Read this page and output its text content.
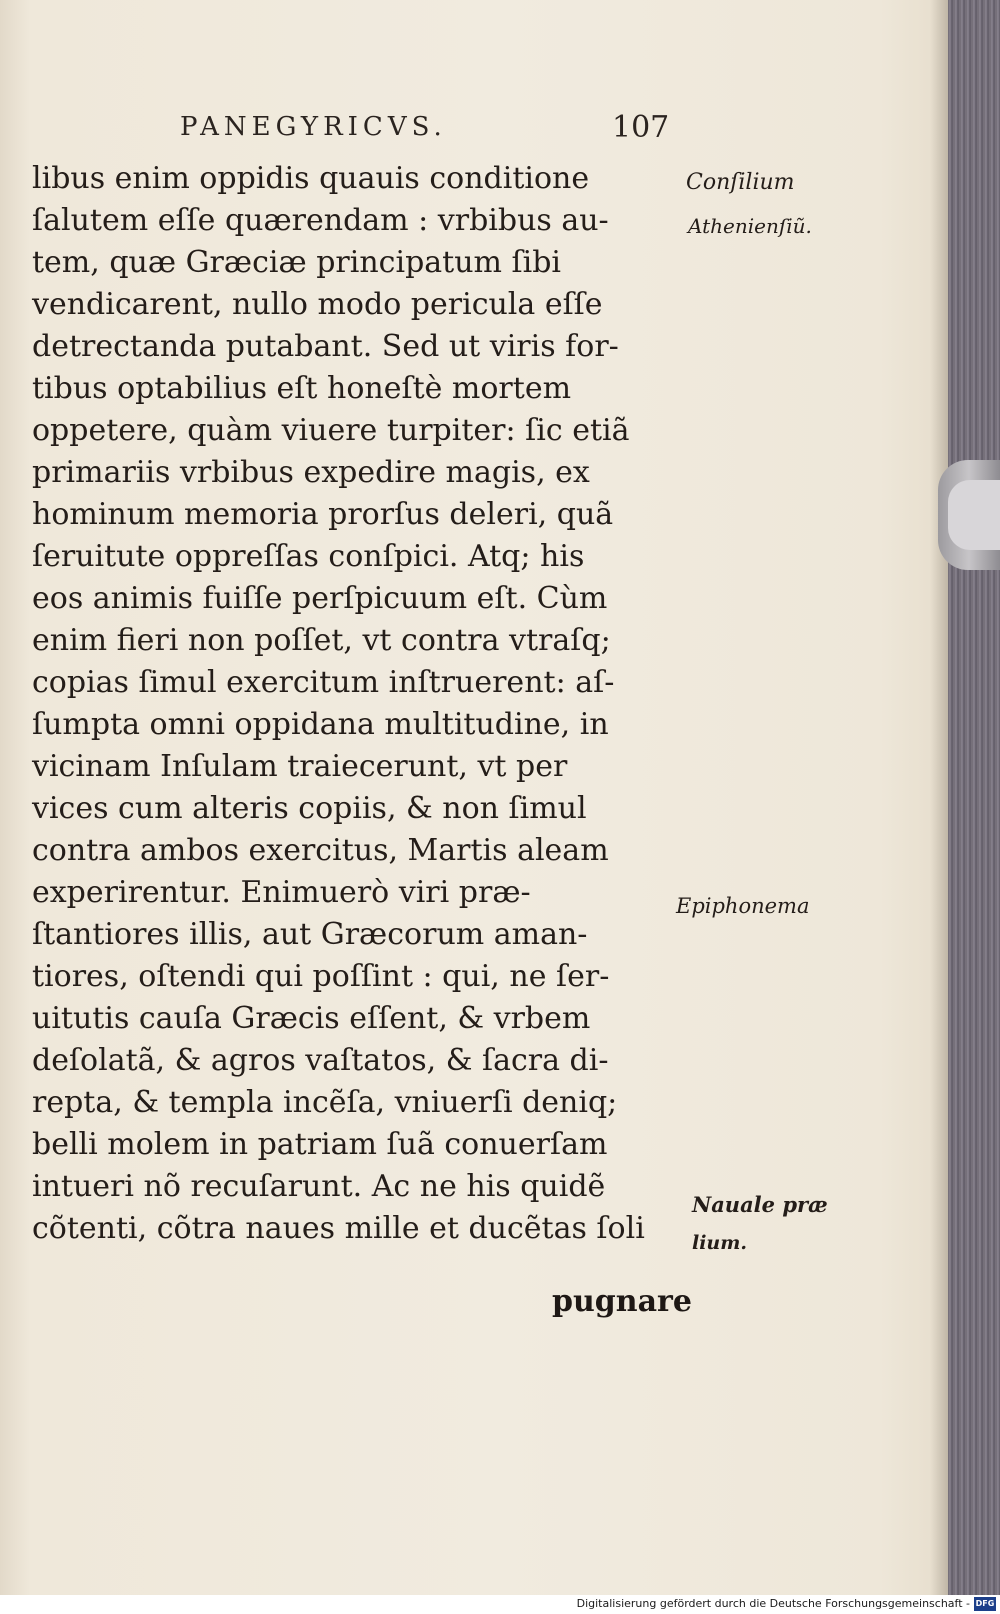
PANEGYRICVS.	107
libus enim oppidis quauis conditione
ſalutem eſſe quærendam : vrbibus au-
tem, quæ Græciæ principatum ſibi
vendicarent, nullo modo pericula eſſe
detrectanda putabant. Sed ut viris for-
tibus optabilius eſt honeſtè mortem
oppetere, quàm viuere turpiter: ſic etiã
primariis vrbibus expedire magis, ex
hominum memoria prorſus deleri, quã
ſeruitute oppreſſas conſpici. Atq; his
eos animis fuiſſe perſpicuum eſt. Cùm
enim fieri non poſſet, vt contra vtraſq;
copias ſimul exercitum inſtruerent: aſ-
ſumpta omni oppidana multitudine, in
vicinam Inſulam traiecerunt, vt per
vices cum alteris copiis, & non ſimul
contra ambos exercitus, Martis aleam
experirentur. Enimuerò viri præ-
ſtantiores illis, aut Græcorum aman-
tiores, oſtendi qui poſſint : qui, ne ſer-
uitutis cauſa Græcis eſſent, & vrbem
deſolatã, & agros vaſtatos, & ſacra di-
repta, & templa incẽſa, vniuerſi deniq;
belli molem in patriam ſuã conuerſam
intueri nõ recuſarunt. Ac ne his quidẽ
cõtenti, cõtra naues mille et ducẽtas ſoli
pugnare
Conſilium
Athenienſiũ.
Epiphonema
Nauale præ
lium.
Digitalisierung gefördert durch die Deutsche Forschungsgemeinschaft - DFG
